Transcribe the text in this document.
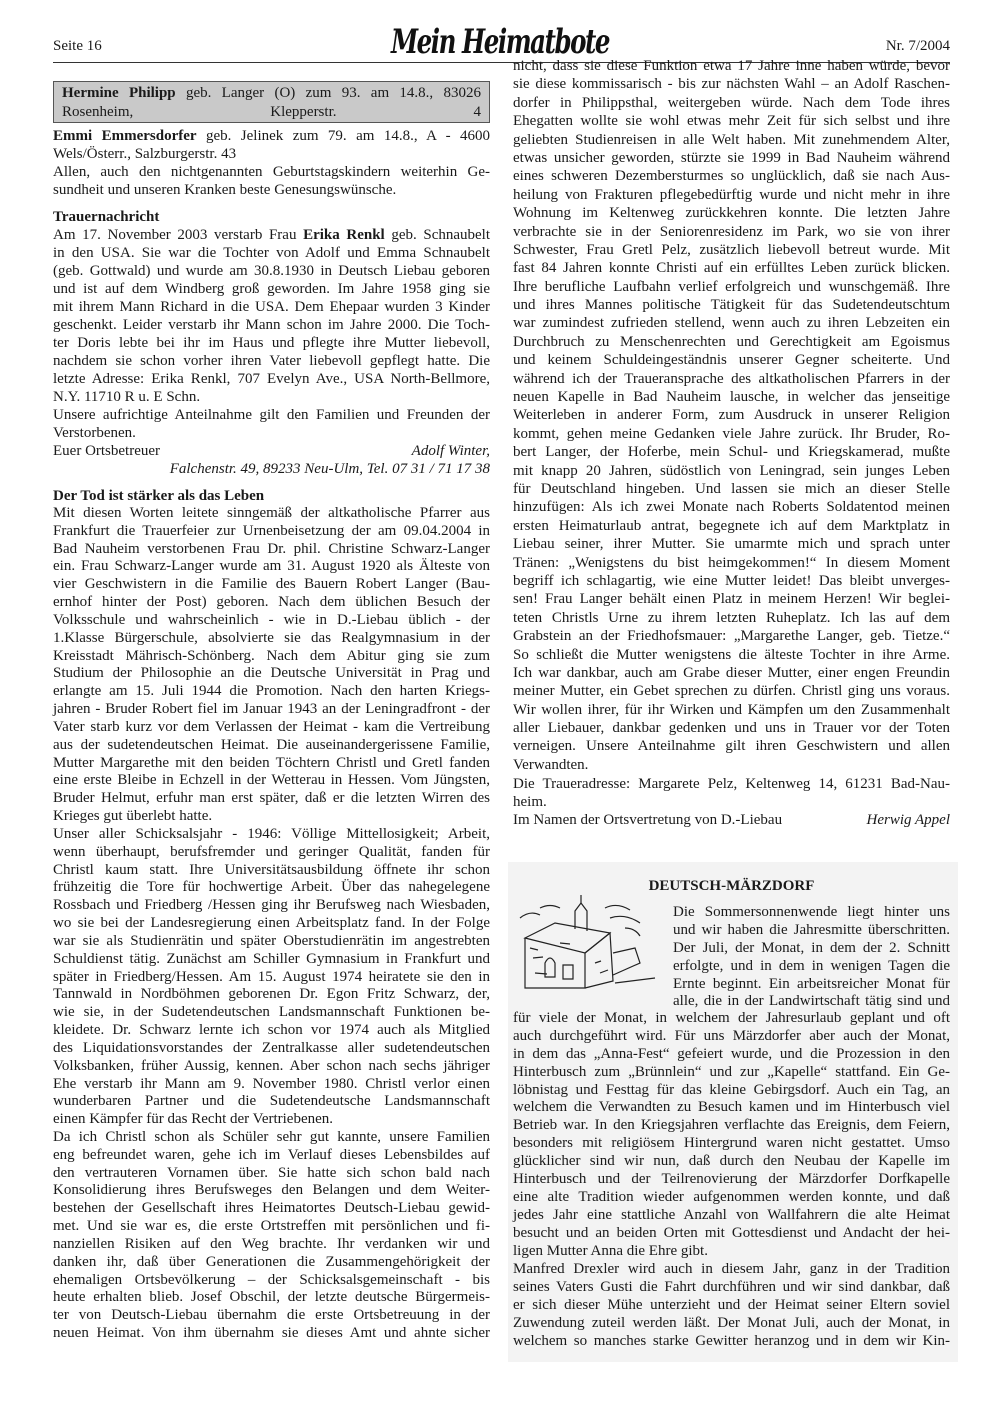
Seite 16	Mein Heimatbote	Nr. 7/2004
Hermine Philipp geb. Langer (O) zum 93. am 14.8., 83026
Rosenheim, Klepperstr. 4
Emmi Emmersdorfer geb. Jelinek zum 79. am 14.8., A - 4600
Wels/Österr., Salzburgerstr. 43
Allen, auch den nichtgenannten Geburtstagskindern weiterhin Ge-
sundheit und unseren Kranken beste Genesungswünsche.
Trauernachricht
Am 17. November 2003 verstarb Frau Erika Renkl geb. Schnaubelt
in den USA. Sie war die Tochter von Adolf und Emma Schnaubelt
(geb. Gottwald) und wurde am 30.8.1930 in Deutsch Liebau geboren
und ist auf dem Windberg groß geworden. Im Jahre 1958 ging sie
mit ihrem Mann Richard in die USA. Dem Ehepaar wurden 3 Kinder
geschenkt. Leider verstarb ihr Mann schon im Jahre 2000. Die Toch-
ter Doris lebte bei ihr im Haus und pflegte ihre Mutter liebevoll,
nachdem sie schon vorher ihren Vater liebevoll gepflegt hatte. Die
letzte Adresse: Erika Renkl, 707 Evelyn Ave., USA North-Bellmore,
N.Y. 11710 R u. E Schn.
Unsere aufrichtige Anteilnahme gilt den Familien und Freunden der
Verstorbenen.
Euer Ortsbetreuer	Adolf Winter,
Falchenstr. 49, 89233 Neu-Ulm, Tel. 07 31 / 71 17 38
Der Tod ist stärker als das Leben
Mit diesen Worten leitete sinngemäß der altkatholische Pfarrer aus
Frankfurt die Trauerfeier zur Urnenbeisetzung der am 09.04.2004 in
Bad Nauheim verstorbenen Frau Dr. phil. Christine Schwarz-Langer
ein. Frau Schwarz-Langer wurde am 31. August 1920 als Älteste von
vier Geschwistern in die Familie des Bauern Robert Langer (Bau-
ernhof hinter der Post) geboren. Nach dem üblichen Besuch der
Volksschule und wahrscheinlich - wie in D.-Liebau üblich - der
1.Klasse Bürgerschule, absolvierte sie das Realgymnasium in der
Kreisstadt Mährisch-Schönberg. Nach dem Abitur ging sie zum
Studium der Philosophie an die Deutsche Universität in Prag und
erlangte am 15. Juli 1944 die Promotion. Nach den harten Kriegs-
jahren - Bruder Robert fiel im Januar 1943 an der Leningradfront - der
Vater starb kurz vor dem Verlassen der Heimat - kam die Vertreibung
aus der sudetendeutschen Heimat. Die auseinandergerissene Familie,
Mutter Margarethe mit den beiden Töchtern Christl und Gretl fanden
eine erste Bleibe in Echzell in der Wetterau in Hessen. Vom Jüngsten,
Bruder Helmut, erfuhr man erst später, daß er die letzten Wirren des
Krieges gut überlebt hatte.
Unser aller Schicksalsjahr - 1946: Völlige Mittellosigkeit; Arbeit,
wenn überhaupt, berufsfremder und geringer Qualität, fanden für
Christl kaum statt. Ihre Universitätsausbildung öffnete ihr schon
frühzeitig die Tore für hochwertige Arbeit. Über das nahegelegene
Rossbach und Friedberg /Hessen ging ihr Berufsweg nach Wiesbaden,
wo sie bei der Landesregierung einen Arbeitsplatz fand. In der Folge
war sie als Studienrätin und später Oberstudienrätin im angestrebten
Schuldienst tätig. Zunächst am Schiller Gymnasium in Frankfurt und
später in Friedberg/Hessen. Am 15. August 1974 heiratete sie den in
Tannwald in Nordböhmen geborenen Dr. Egon Fritz Schwarz, der,
wie sie, in der Sudetendeutschen Landsmannschaft Funktionen be-
kleidete. Dr. Schwarz lernte ich schon vor 1974 auch als Mitglied
des Liquidationsvorstandes der Zentralkasse aller sudetendeutschen
Volksbanken, früher Aussig, kennen. Aber schon nach sechs jähriger
Ehe verstarb ihr Mann am 9. November 1980. Christl verlor einen
wunderbaren Partner und die Sudetendeutsche Landsmannschaft
einen Kämpfer für das Recht der Vertriebenen.
Da ich Christl schon als Schüler sehr gut kannte, unsere Familien
eng befreundet waren, gehe ich im Verlauf dieses Lebensbildes auf
den vertrauteren Vornamen über. Sie hatte sich schon bald nach
Konsolidierung ihres Berufsweges den Belangen und dem Weiter-
bestehen der Gesellschaft ihres Heimatortes Deutsch-Liebau gewid-
met. Und sie war es, die erste Ortstreffen mit persönlichen und fi-
nanziellen Risiken auf den Weg brachte. Ihr verdanken wir und
danken ihr, daß über Generationen die Zusammengehörigkeit der
ehemaligen Ortsbevölkerung – der Schicksalsgemeinschaft - bis
heute erhalten blieb. Josef Obschil, der letzte deutsche Bürgermeis-
ter von Deutsch-Liebau übernahm die erste Ortsbetreuung in der
neuen Heimat. Von ihm übernahm sie dieses Amt und ahnte sicher
nicht, dass sie diese Funktion etwa 17 Jahre inne haben würde, bevor
sie diese kommissarisch - bis zur nächsten Wahl – an Adolf Raschen-
dorfer in Philippsthal, weitergeben würde. Nach dem Tode ihres
Ehegatten wollte sie wohl etwas mehr Zeit für sich selbst und ihre
geliebten Studienreisen in alle Welt haben. Mit zunehmendem Alter,
etwas unsicher geworden, stürzte sie 1999 in Bad Nauheim während
eines schweren Dezembersturmes so unglücklich, daß sie nach Aus-
heilung von Frakturen pflegebedürftig wurde und nicht mehr in ihre
Wohnung im Keltenweg zurückkehren konnte. Die letzten Jahre
verbrachte sie in der Seniorenresidenz im Park, wo sie von ihrer
Schwester, Frau Gretl Pelz, zusätzlich liebevoll betreut wurde. Mit
fast 84 Jahren konnte Christi auf ein erfülltes Leben zurück blicken.
Ihre berufliche Laufbahn verlief erfolgreich und wunschgemäß. Ihre
und ihres Mannes politische Tätigkeit für das Sudetendeutschtum
war zumindest zufrieden stellend, wenn auch zu ihren Lebzeiten ein
Durchbruch zu Menschenrechten und Gerechtigkeit am Egoismus
und keinem Schuldeingeständnis unserer Gegner scheiterte. Und
während ich der Traueransprache des altkatholischen Pfarrers in der
neuen Kapelle in Bad Nauheim lausche, in welcher das jenseitige
Weiterleben in anderer Form, zum Ausdruck in unserer Religion
kommt, gehen meine Gedanken viele Jahre zurück. Ihr Bruder, Ro-
bert Langer, der Hoferbe, mein Schul- und Kriegskamerad, mußte
mit knapp 20 Jahren, südöstlich von Leningrad, sein junges Leben
für Deutschland hingeben. Und lassen sie mich an dieser Stelle
hinzufügen: Als ich zwei Monate nach Roberts Soldatentod meinen
ersten Heimaturlaub antrat, begegnete ich auf dem Marktplatz in
Liebau seiner, ihrer Mutter. Sie umarmte mich und sprach unter
Tränen: „Wenigstens du bist heimgekommen!“ In diesem Moment
begriff ich schlagartig, wie eine Mutter leidet! Das bleibt unverges-
sen! Frau Langer behält einen Platz in meinem Herzen! Wir beglei-
teten Christls Urne zu ihrem letzten Ruheplatz. Ich las auf dem
Grabstein an der Friedhofsmauer: „Margarethe Langer, geb. Tietze.“
So schließt die Mutter wenigstens die älteste Tochter in ihre Arme.
Ich war dankbar, auch am Grabe dieser Mutter, einer engen Freundin
meiner Mutter, ein Gebet sprechen zu dürfen. Christl ging uns voraus.
Wir wollen ihrer, für ihr Wirken und Kämpfen um den Zusammenhalt
aller Liebauer, dankbar gedenken und uns in Trauer vor der Toten
verneigen. Unsere Anteilnahme gilt ihren Geschwistern und allen
Verwandten.
Die Traueradresse: Margarete Pelz, Keltenweg 14, 61231 Bad-Nau-
heim.
Im Namen der Ortsvertretung von D.-Liebau	Herwig Appel
DEUTSCH-MÄRZDORF
Die Sommersonnenwende liegt hinter uns
und wir haben die Jahresmitte überschritten.
Der Juli, der Monat, in dem der 2. Schnitt
erfolgte, und in dem in wenigen Tagen die
Ernte beginnt. Ein arbeitsreicher Monat für
alle, die in der Landwirtschaft tätig sind und
für viele der Monat, in welchem der Jahresurlaub geplant und oft
auch durchgeführt wird. Für uns Märzdorfer aber auch der Monat,
in dem das „Anna-Fest“ gefeiert wurde, und die Prozession in den
Hinterbusch zum „Brünnlein“ und zur „Kapelle“ stattfand. Ein Ge-
löbnistag und Festtag für das kleine Gebirgsdorf. Auch ein Tag, an
welchem die Verwandten zu Besuch kamen und im Hinterbusch viel
Betrieb war. In den Kriegsjahren verflachte das Ereignis, dem Feiern,
besonders mit religiösem Hintergrund waren nicht gestattet. Umso
glücklicher sind wir nun, daß durch den Neubau der Kapelle im
Hinterbusch und der Teilrenovierung der Märzdorfer Dorfkapelle
eine alte Tradition wieder aufgenommen werden konnte, und daß
jedes Jahr eine stattliche Anzahl von Wallfahrern die alte Heimat
besucht und an beiden Orten mit Gottesdienst und Andacht der hei-
ligen Mutter Anna die Ehre gibt.
Manfred Drexler wird auch in diesem Jahr, ganz in der Tradition
seines Vaters Gusti die Fahrt durchführen und wir sind dankbar, daß
er sich dieser Mühe unterzieht und der Heimat seiner Eltern soviel
Zuwendung zuteil werden läßt. Der Monat Juli, auch der Monat, in
welchem so manches starke Gewitter heranzog und in dem wir Kin-
